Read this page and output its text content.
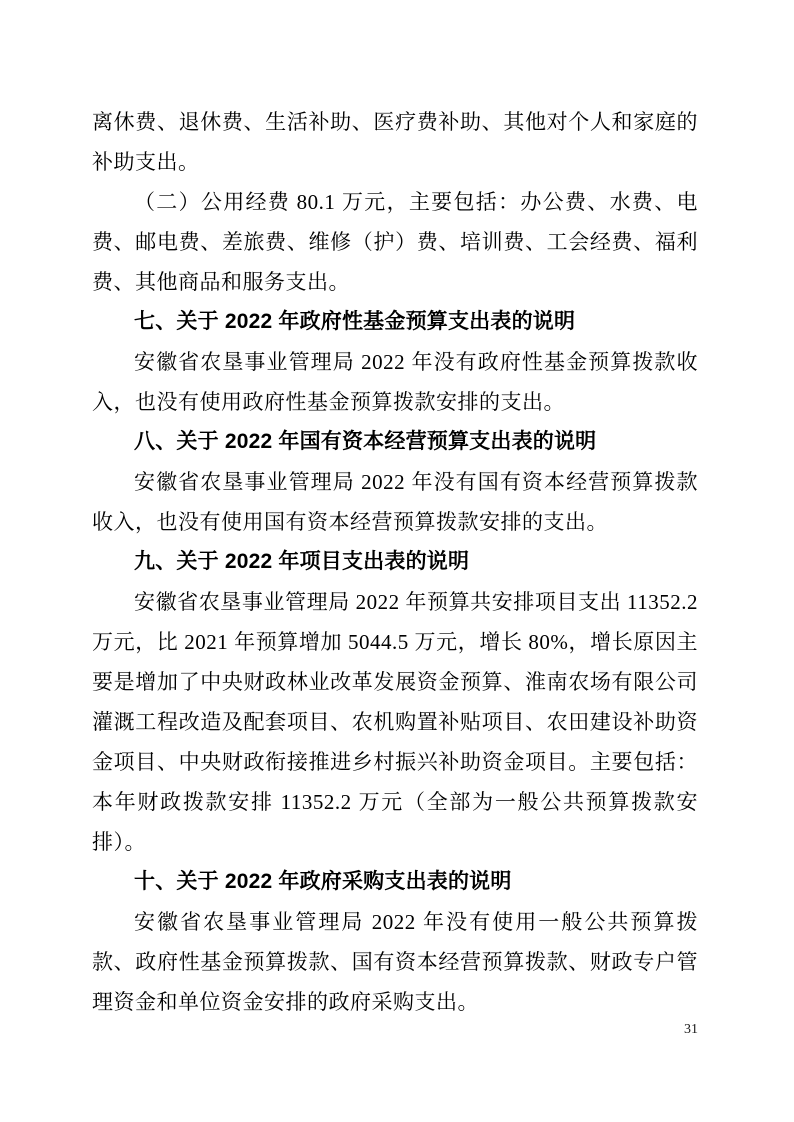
离休费、退休费、生活补助、医疗费补助、其他对个人和家庭的补助支出。

（二）公用经费 80.1 万元，主要包括：办公费、水费、电费、邮电费、差旅费、维修（护）费、培训费、工会经费、福利费、其他商品和服务支出。

七、关于 2022 年政府性基金预算支出表的说明

安徽省农垦事业管理局 2022 年没有政府性基金预算拨款收入，也没有使用政府性基金预算拨款安排的支出。

八、关于 2022 年国有资本经营预算支出表的说明

安徽省农垦事业管理局 2022 年没有国有资本经营预算拨款收入，也没有使用国有资本经营预算拨款安排的支出。

九、关于 2022 年项目支出表的说明

安徽省农垦事业管理局 2022 年预算共安排项目支出 11352.2 万元，比 2021 年预算增加 5044.5 万元，增长 80%，增长原因主要是增加了中央财政林业改革发展资金预算、淮南农场有限公司灌溉工程改造及配套项目、农机购置补贴项目、农田建设补助资金项目、中央财政衔接推进乡村振兴补助资金项目。主要包括：本年财政拨款安排 11352.2 万元（全部为一般公共预算拨款安排）。

十、关于 2022 年政府采购支出表的说明

安徽省农垦事业管理局 2022 年没有使用一般公共预算拨款、政府性基金预算拨款、国有资本经营预算拨款、财政专户管理资金和单位资金安排的政府采购支出。

31
